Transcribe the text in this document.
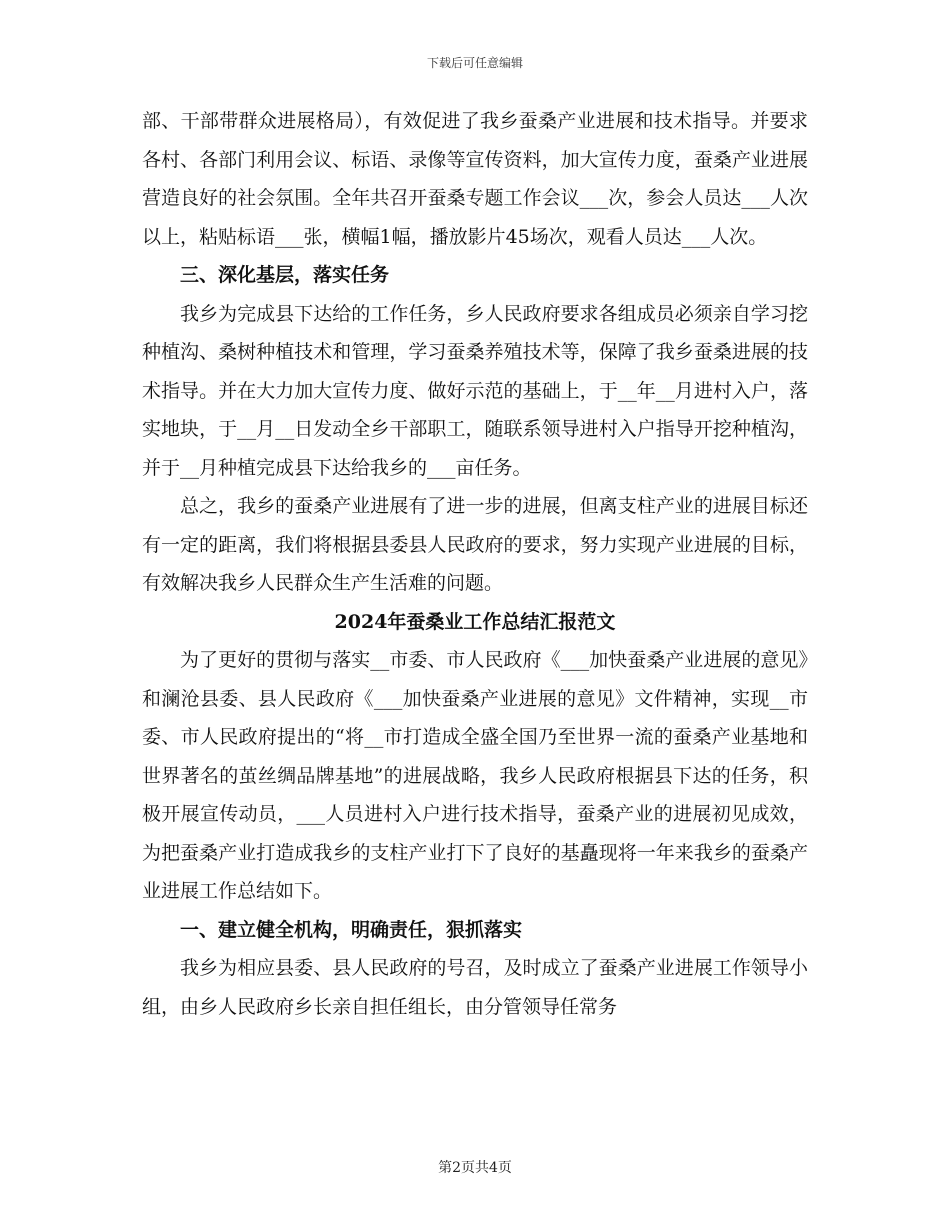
下载后可任意编辑

部、干部带群众进展格局），有效促进了我乡蚕桑产业进展和技术指导。并要求各村、各部门利用会议、标语、录像等宣传资料，加大宣传力度，蚕桑产业进展营造良好的社会氛围。全年共召开蚕桑专题工作会议___次，参会人员达___人次以上，粘贴标语___张，横幅1幅，播放影片45场次，观看人员达___人次。

三、深化基层，落实任务

我乡为完成县下达给的工作任务，乡人民政府要求各组成员必须亲自学习挖种植沟、桑树种植技术和管理，学习蚕桑养殖技术等，保障了我乡蚕桑进展的技术指导。并在大力加大宣传力度、做好示范的基础上，于__年__月进村入户，落实地块，于__月__日发动全乡干部职工，随联系领导进村入户指导开挖种植沟，并于__月种植完成县下达给我乡的___亩任务。

总之，我乡的蚕桑产业进展有了进一步的进展，但离支柱产业的进展目标还有一定的距离，我们将根据县委县人民政府的要求，努力实现产业进展的目标，有效解决我乡人民群众生产生活难的问题。

2024年蚕桑业工作总结汇报范文

为了更好的贯彻与落实__市委、市人民政府《___加快蚕桑产业进展的意见》和澜沧县委、县人民政府《___加快蚕桑产业进展的意见》文件精神，实现__市委、市人民政府提出的“将__市打造成全盛全国乃至世界一流的蚕桑产业基地和世界著名的茧丝绸品牌基地”的进展战略，我乡人民政府根据县下达的任务，积极开展宣传动员，___人员进村入户进行技术指导，蚕桑产业的进展初见成效，为把蚕桑产业打造成我乡的支柱产业打下了良好的基矗现将一年来我乡的蚕桑产业进展工作总结如下。

一、建立健全机构，明确责任，狠抓落实

我乡为相应县委、县人民政府的号召，及时成立了蚕桑产业进展工作领导小组，由乡人民政府乡长亲自担任组长，由分管领导任常务

第2页共4页
